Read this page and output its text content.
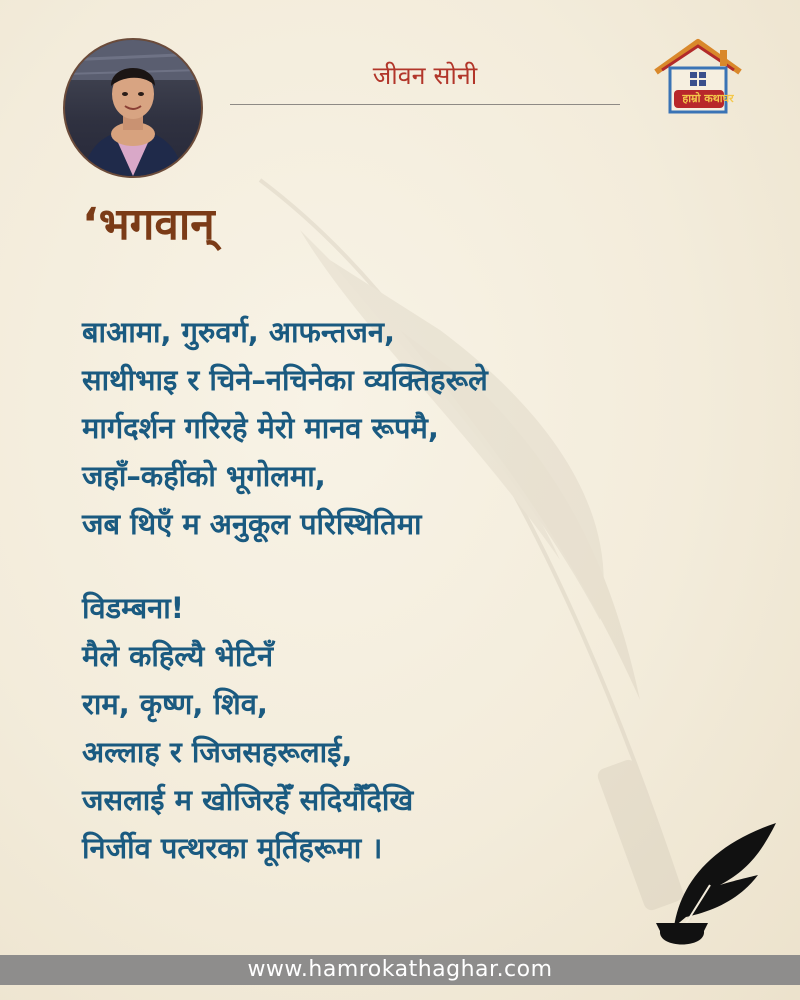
जीवन सोनी
हाम्रो कथाघर
‘भगवान्
बाआमा, गुरुवर्ग, आफन्तजन,
साथीभाइ र चिने–नचिनेका व्यक्तिहरूले
मार्गदर्शन गरिरहे मेरो मानव रूपमै,
जहाँ–कहींको भूगोलमा,
जब थिएँ म अनुकूल परिस्थितिमा
विडम्बना!
मैले कहिल्यै भेटिनँ
राम, कृष्ण, शिव,
अल्लाह र जिजसहरूलाई,
जसलाई म खोजिरहेँ सदियौँदेखि
निर्जीव पत्थरका मूर्तिहरूमा ।
www.hamrokathaghar.com
